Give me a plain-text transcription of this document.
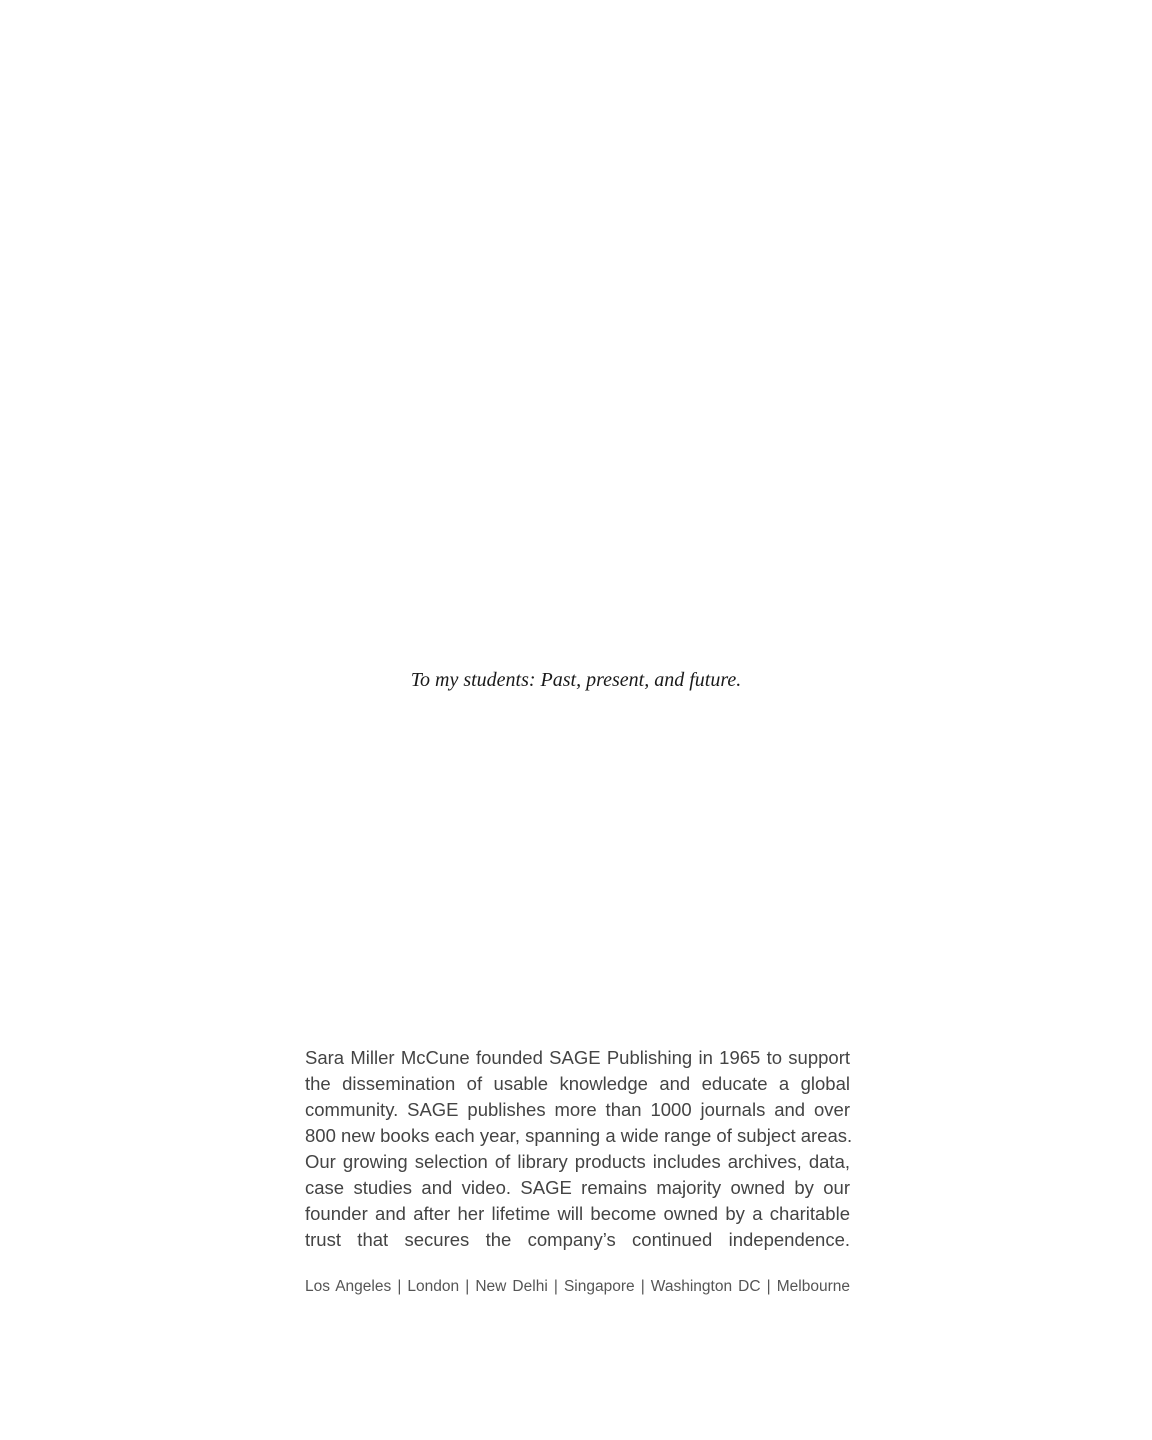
To my students: Past, present, and future.
Sara Miller McCune founded SAGE Publishing in 1965 to support
the dissemination of usable knowledge and educate a global
community. SAGE publishes more than 1000 journals and over
800 new books each year, spanning a wide range of subject areas.
Our growing selection of library products includes archives, data,
case studies and video. SAGE remains majority owned by our
founder and after her lifetime will become owned by a charitable
trust that secures the company’s continued independence.
Los Angeles | London | New Delhi | Singapore | Washington DC | Melbourne
